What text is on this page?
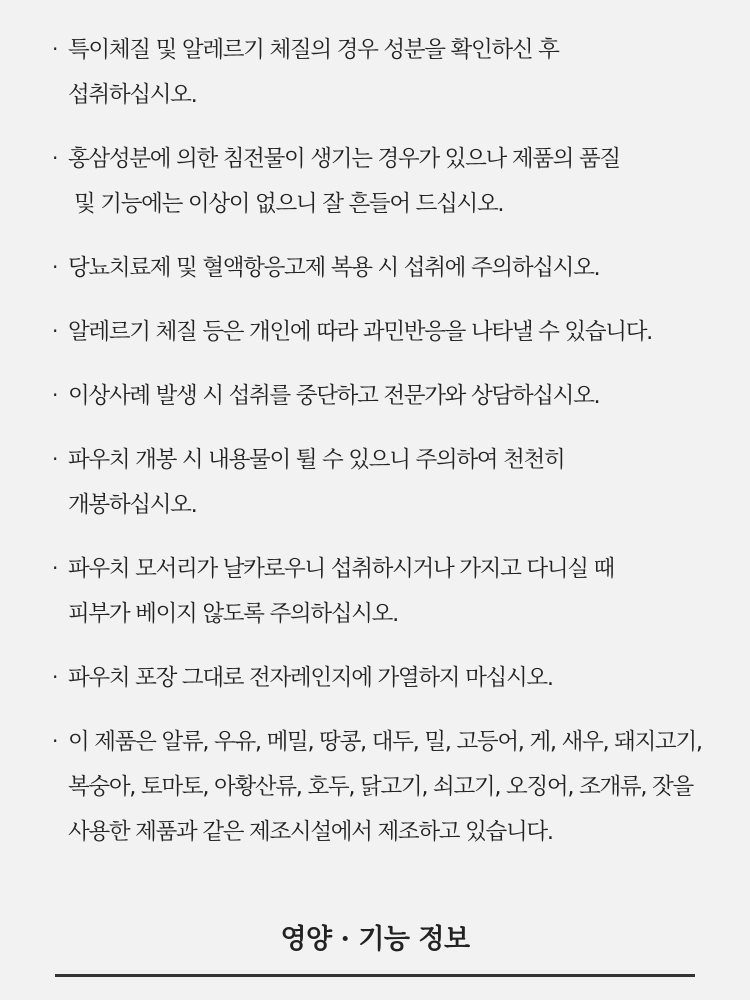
· 특이체질 및 알레르기 체질의 경우 성분을 확인하신 후
섭취하십시오.
· 홍삼성분에 의한 침전물이 생기는 경우가 있으나 제품의 품질
및 기능에는 이상이 없으니 잘 흔들어 드십시오.
· 당뇨치료제 및 혈액항응고제 복용 시 섭취에 주의하십시오.
· 알레르기 체질 등은 개인에 따라 과민반응을 나타낼 수 있습니다.
· 이상사례 발생 시 섭취를 중단하고 전문가와 상담하십시오.
· 파우치 개봉 시 내용물이 튈 수 있으니 주의하여 천천히
개봉하십시오.
· 파우치 모서리가 날카로우니 섭취하시거나 가지고 다니실 때
피부가 베이지 않도록 주의하십시오.
· 파우치 포장 그대로 전자레인지에 가열하지 마십시오.
· 이 제품은 알류, 우유, 메밀, 땅콩, 대두, 밀, 고등어, 게, 새우, 돼지고기,
복숭아, 토마토, 아황산류, 호두, 닭고기, 쇠고기, 오징어, 조개류, 잣을
사용한 제품과 같은 제조시설에서 제조하고 있습니다.
영양 · 기능 정보
